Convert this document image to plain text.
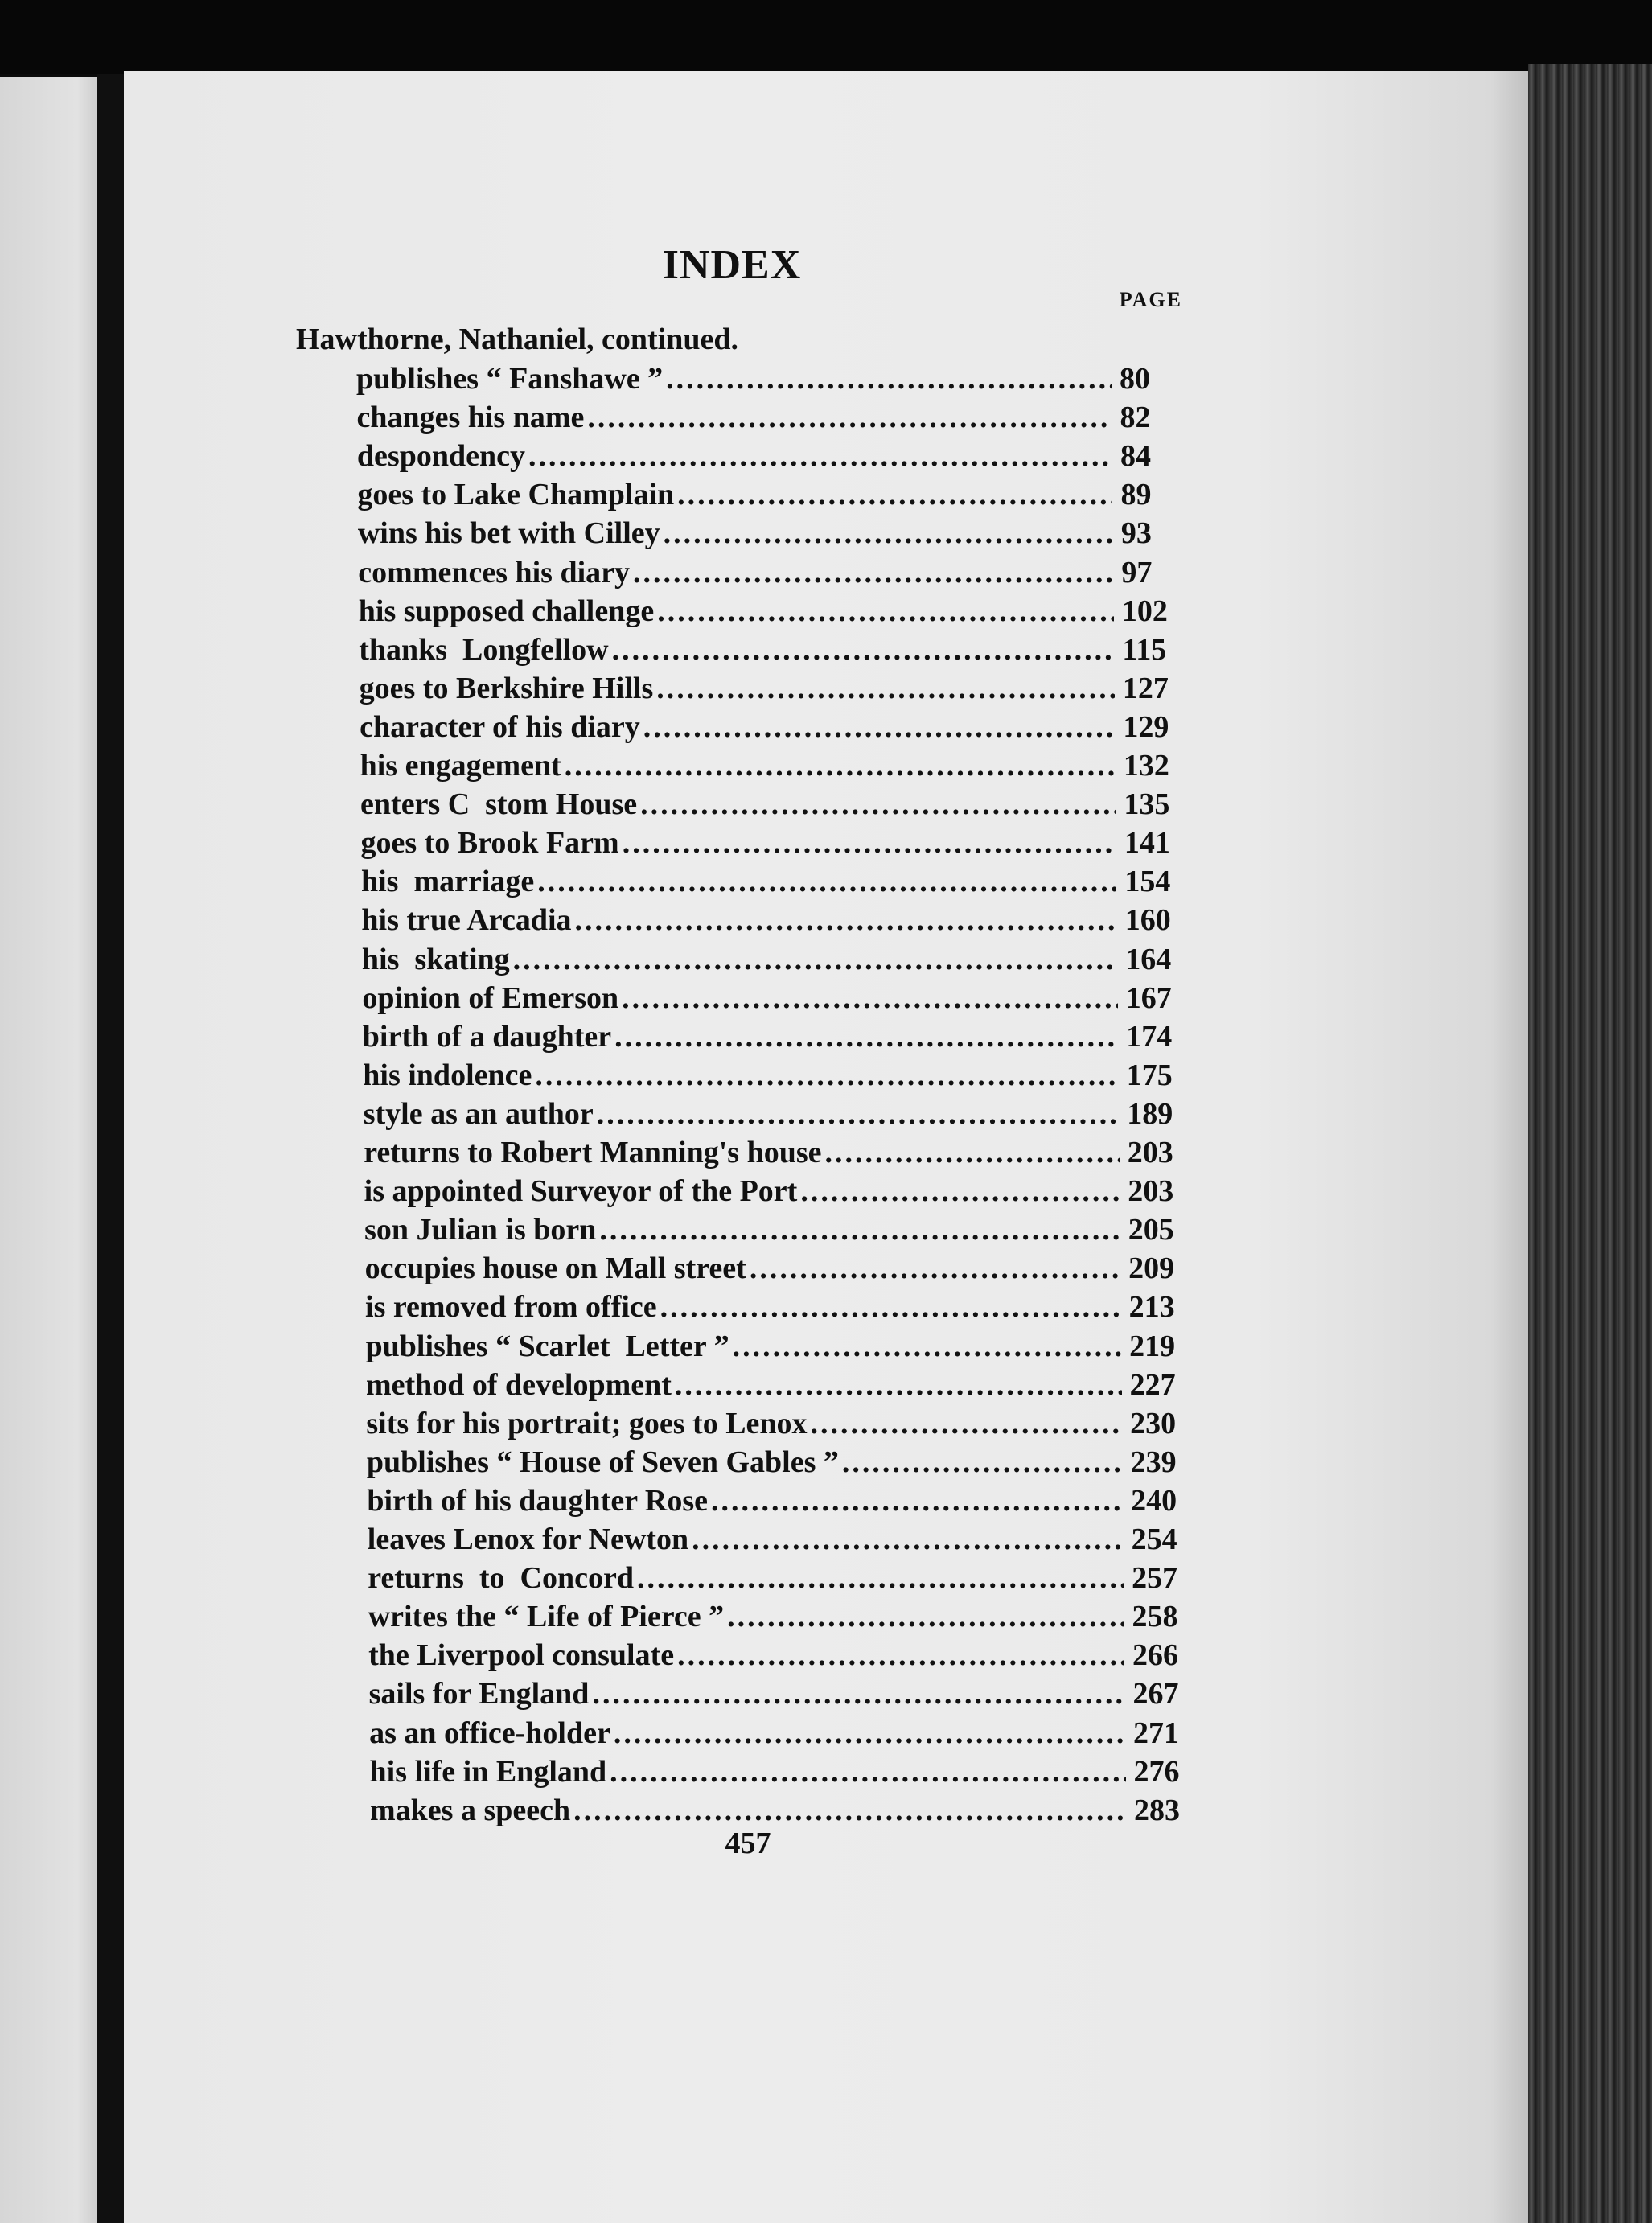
INDEX
PAGE
Hawthorne, Nathaniel, continued.
publishes “ Fanshawe ” .....	80
changes his name .....	82
despondency .....	84
goes to Lake Champlain .....	89
wins his bet with Cilley .....	93
commences his diary .....	97
his supposed challenge .....	102
thanks  Longfellow .....	115
goes to Berkshire Hills .....	127
character of his diary .....	129
his engagement .....	132
enters C  stom House .....	135
goes to Brook Farm .....	141
his  marriage .....	154
his true Arcadia .....	160
his  skating .....	164
opinion of Emerson .....	167
birth of a daughter .....	174
his indolence .....	175
style as an author .....	189
returns to Robert Manning's house .....	203
is appointed Surveyor of the Port .....	203
son Julian is born .....	205
occupies house on Mall street .....	209
is removed from office .....	213
publishes “ Scarlet  Letter ” .....	219
method of development .....	227
sits for his portrait; goes to Lenox .....	230
publishes “ House of Seven Gables ” .....	239
birth of his daughter Rose .....	240
leaves Lenox for Newton .....	254
returns  to  Concord .....	257
writes the “ Life of Pierce ” .....	258
the Liverpool consulate .....	266
sails for England .....	267
as an office-holder .....	271
his life in England .....	276
makes a speech .....	283
457
